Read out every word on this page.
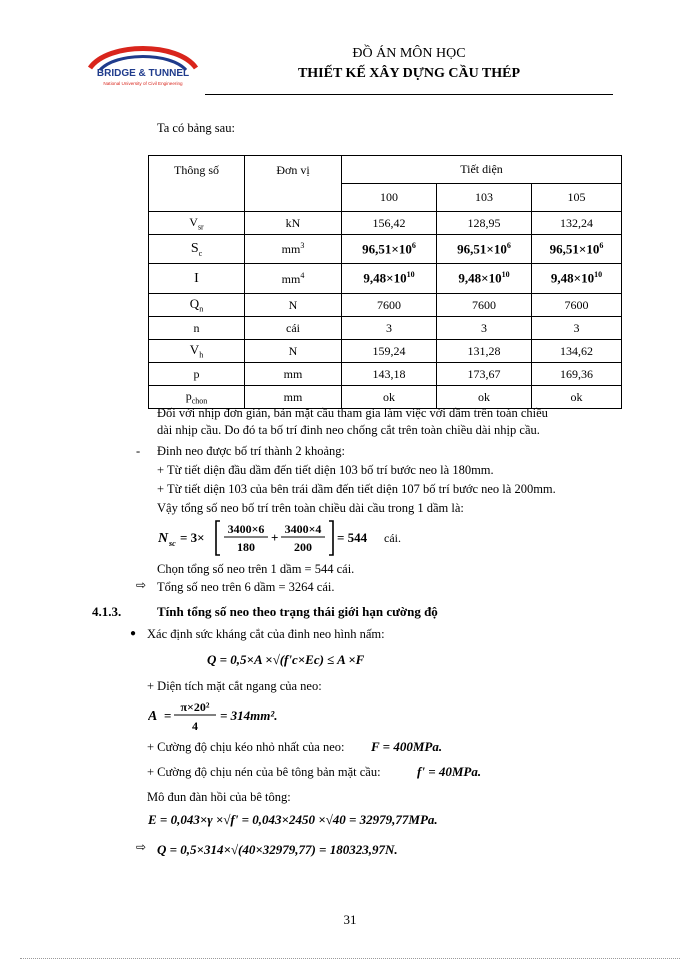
BRIDGE & TUNNEL
National University of Civil Engineering
ĐỒ ÁN MÔN HỌC
THIẾT KẾ XÂY DỰNG CẦU THÉP
Ta có bảng sau:
Thông số	Đơn vị	Tiết diện		
		100	103	105
$V_{sr}$	kN	156,42	128,95	132,24
$S_c$	$mm^3$	$96,51\times 10^6$	$96,51\times 10^6$	$96,51\times 10^6$
I	$mm^4$	$9,48\times 10^{10}$	$9,48\times 10^{10}$	$9,48\times 10^{10}$
$Q_n$	N	7600	7600	7600
n	cái	3	3	3
$V_h$	N	159,24	131,28	134,62
p	mm	143,18	173,67	169,36
$p_{chon}$	mm	ok	ok	ok
Đối với nhịp đơn giản, bản mặt cầu tham gia làm việc với dầm trên toàn chiều
dài nhịp cầu. Do đó ta bố trí đinh neo chống cắt trên toàn chiều dài nhịp cầu.
- Đinh neo được bố trí thành 2 khoảng:
+ Từ tiết diện đầu dầm đến tiết diện 103 bố trí bước neo là 180mm.
+ Từ tiết diện 103 của bên trái dầm đến tiết diện 107 bố trí bước neo là 200mm.
Vậy tổng số neo bố trí trên toàn chiều dài cầu trong 1 dầm là:
N sc = 3×
3400×6
180
+
3400×4
200
= 544 cái.
Chọn tổng số neo trên 1 dầm = 544 cái.
⇨ Tổng số neo trên 6 dầm = 3264 cái.
4.1.3.	Tính tổng số neo theo trạng thái giới hạn cường độ
● Xác định sức kháng cắt của đinh neo hình nấm:
Q = 0,5×A ×√(f'c×Ec) ≤ A ×F
+ Diện tích mặt cắt ngang của neo:
A =
π×20²
4
= 314mm².
+ Cường độ chịu kéo nhỏ nhất của neo: F = 400MPa.
+ Cường độ chịu nén của bê tông bản mặt cầu:	f' = 40MPa.
Mô đun đàn hồi của bê tông:
E = 0,043×γ ×√f' = 0,043×2450 ×√40 = 32979,77MPa.
⇨ Q = 0,5×314×√(40×32979,77) = 180323,97N.
31
